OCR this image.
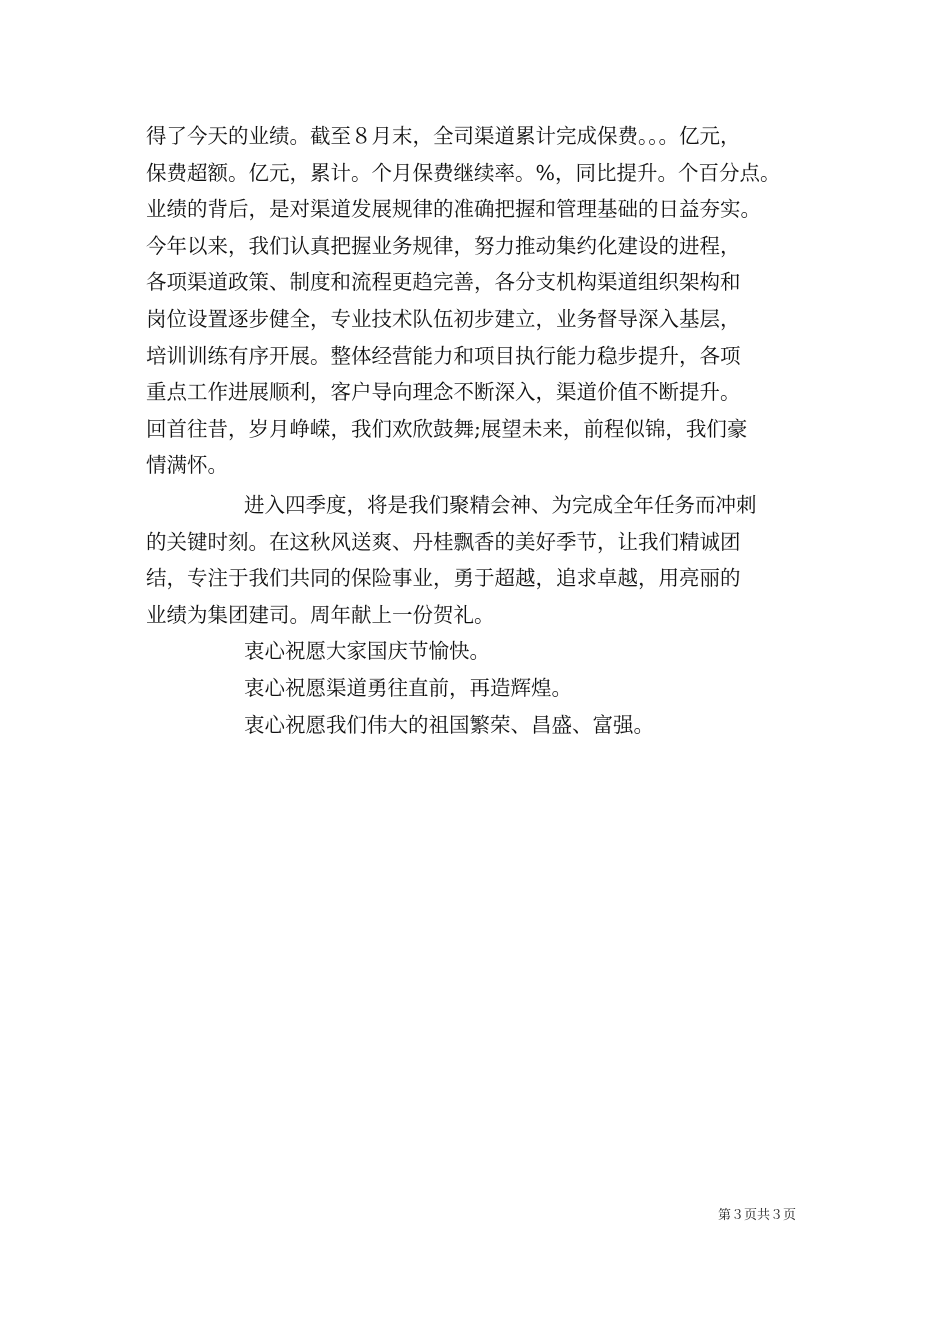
得了今天的业绩。截至８月末，全司渠道累计完成保费。。。亿元，
保费超额。亿元，累计。个月保费继续率。%，同比提升。个百分点。
业绩的背后，是对渠道发展规律的准确把握和管理基础的日益夯实。
今年以来，我们认真把握业务规律，努力推动集约化建设的进程，
各项渠道政策、制度和流程更趋完善，各分支机构渠道组织架构和
岗位设置逐步健全，专业技术队伍初步建立，业务督导深入基层，
培训训练有序开展。整体经营能力和项目执行能力稳步提升，各项
重点工作进展顺利，客户导向理念不断深入，渠道价值不断提升。
回首往昔，岁月峥嵘，我们欢欣鼓舞;展望未来，前程似锦，我们豪
情满怀。
进入四季度，将是我们聚精会神、为完成全年任务而冲刺
的关键时刻。在这秋风送爽、丹桂飘香的美好季节，让我们精诚团
结，专注于我们共同的保险事业，勇于超越，追求卓越，用亮丽的
业绩为集团建司。周年献上一份贺礼。
衷心祝愿大家国庆节愉快。
衷心祝愿渠道勇往直前，再造辉煌。
衷心祝愿我们伟大的祖国繁荣、昌盛、富强。
第３页共３页
